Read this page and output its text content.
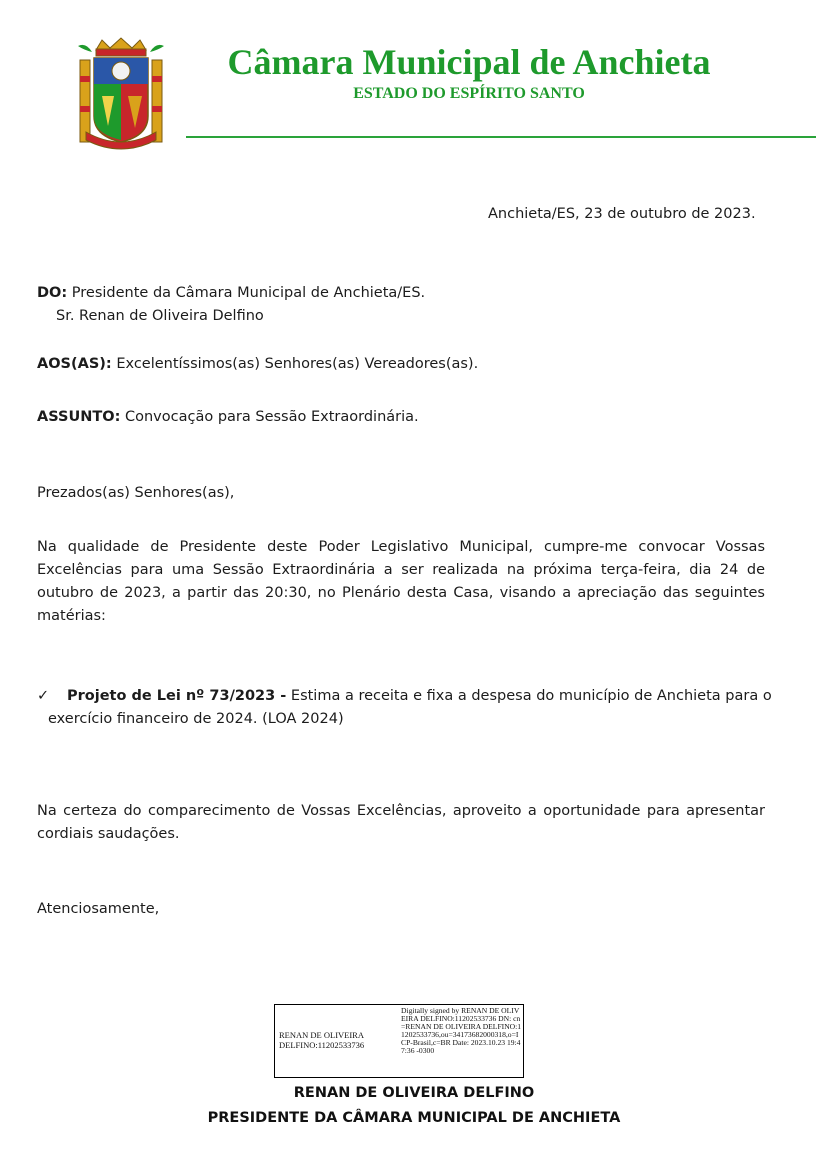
Câmara Municipal de Anchieta
ESTADO DO ESPÍRITO SANTO
Anchieta/ES, 23 de outubro de 2023.
DO: Presidente da Câmara Municipal de Anchieta/ES.
Sr. Renan de Oliveira Delfino
AOS(AS): Excelentíssimos(as) Senhores(as) Vereadores(as).
ASSUNTO: Convocação para Sessão Extraordinária.
Prezados(as) Senhores(as),
Na qualidade de Presidente deste Poder Legislativo Municipal, cumpre-me convocar Vossas Excelências para uma Sessão Extraordinária a ser realizada na próxima terça-feira, dia 24 de outubro de 2023, a partir das 20:30, no Plenário desta Casa, visando a apreciação das seguintes matérias:
✓ Projeto de Lei nº 73/2023 - Estima a receita e fixa a despesa do município de Anchieta para o
exercício financeiro de 2024. (LOA 2024)
Na certeza do comparecimento de Vossas Excelências, aproveito a oportunidade para apresentar cordiais saudações.
Atenciosamente,
RENAN DE OLIVEIRA DELFINO:11202533736
Digitally signed by RENAN DE OLIVEIRA DELFINO:11202533736 DN: cn=RENAN DE OLIVEIRA DELFINO:11202533736,ou=34173682000318,o=ICP-Brasil,c=BR Date: 2023.10.23 19:47:36 -0300
RENAN DE OLIVEIRA DELFINO
PRESIDENTE DA CÂMARA MUNICIPAL DE ANCHIETA
